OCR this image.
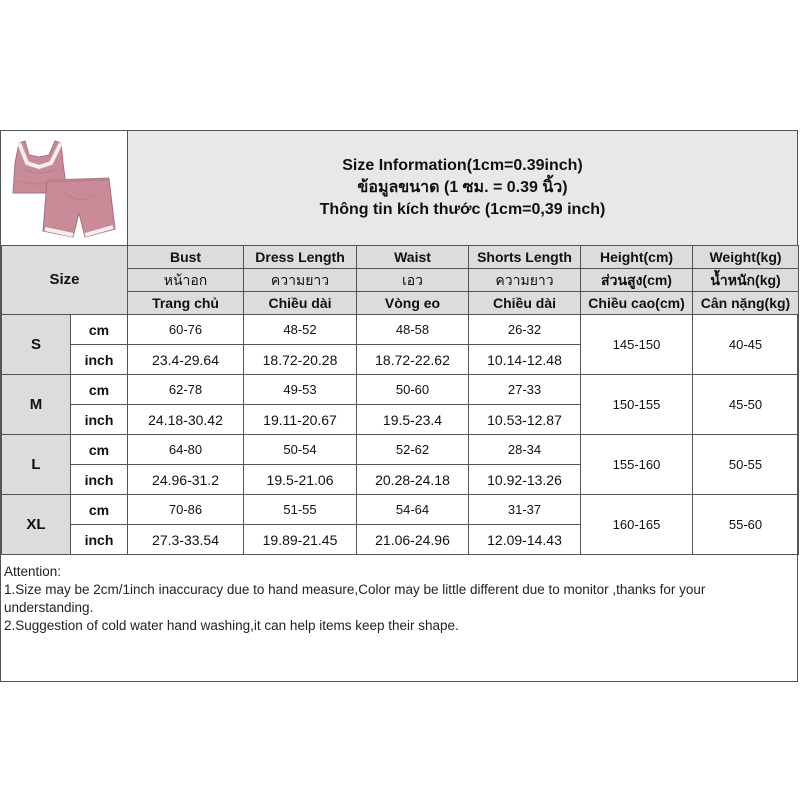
Size Information(1cm=0.39inch)
ข้อมูลขนาด (1 ซม. = 0.39 นิ้ว)
Thông tin kích thước (1cm=0,39 inch)
Size		Bust	Dress Length	Waist	Shorts Length	Height(cm)	Weight(kg)
		หน้าอก	ความยาว	เอว	ความยาว	ส่วนสูง(cm)	น้ำหนัก(kg)
		Trang chủ	Chiều dài	Vòng eo	Chiều dài	Chiều cao(cm)	Cân nặng(kg)
S	cm	60-76	48-52	48-58	26-32	145-150	40-45
	inch	23.4-29.64	18.72-20.28	18.72-22.62	10.14-12.48		
M	cm	62-78	49-53	50-60	27-33	150-155	45-50
	inch	24.18-30.42	19.11-20.67	19.5-23.4	10.53-12.87		
L	cm	64-80	50-54	52-62	28-34	155-160	50-55
	inch	24.96-31.2	19.5-21.06	20.28-24.18	10.92-13.26		
XL	cm	70-86	51-55	54-64	31-37	160-165	55-60
	inch	27.3-33.54	19.89-21.45	21.06-24.96	12.09-14.43		
Attention:
1.Size may be 2cm/1inch inaccuracy due to hand measure,Color may be little different due to monitor ,thanks for your understanding.
2.Suggestion of cold water hand washing,it can help items keep their shape.
